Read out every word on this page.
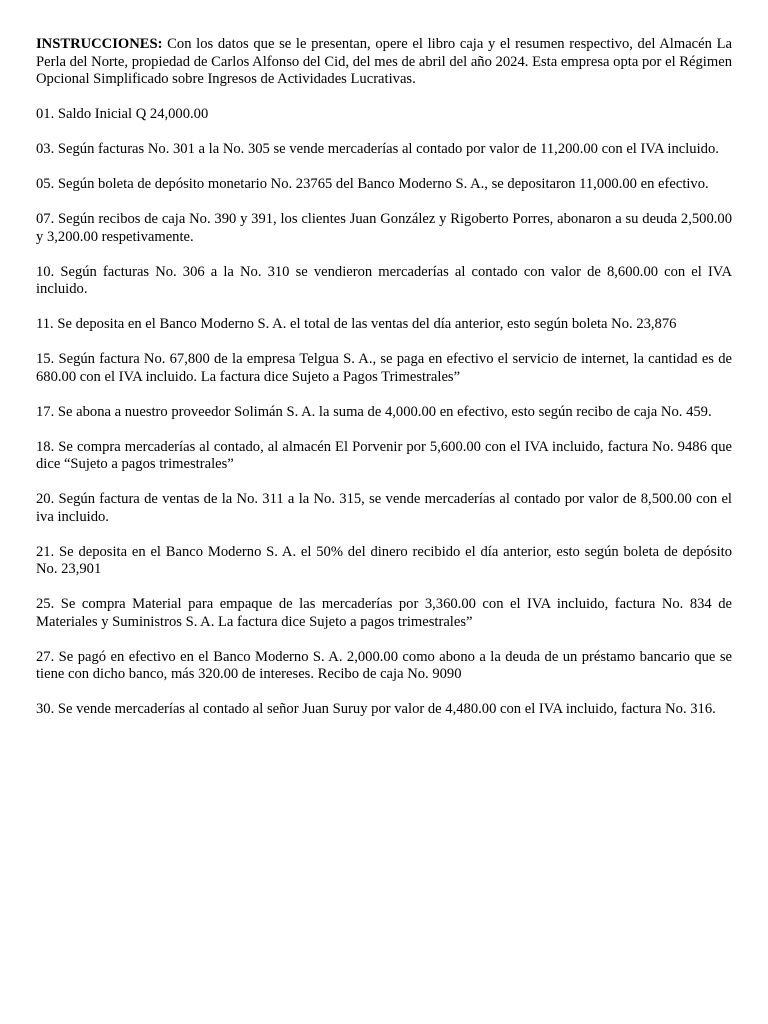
INSTRUCCIONES: Con los datos que se le presentan, opere el libro caja y el resumen respectivo, del Almacén La Perla del Norte, propiedad de Carlos Alfonso del Cid, del mes de abril del año 2024. Esta empresa opta por el Régimen Opcional Simplificado sobre Ingresos de Actividades Lucrativas.

01. Saldo Inicial Q 24,000.00

03. Según facturas No. 301 a la No. 305 se vende mercaderías al contado por valor de 11,200.00 con el IVA incluido.

05. Según boleta de depósito monetario No. 23765 del Banco Moderno S. A., se depositaron 11,000.00 en efectivo.

07. Según recibos de caja No. 390 y 391, los clientes Juan González y Rigoberto Porres, abonaron a su deuda 2,500.00 y 3,200.00 respetivamente.

10. Según facturas No. 306 a la No. 310 se vendieron mercaderías al contado con valor de 8,600.00 con el IVA incluido.

11. Se deposita en el Banco Moderno S. A. el total de las ventas del día anterior, esto según boleta No. 23,876

15. Según factura No. 67,800 de la empresa Telgua S. A., se paga en efectivo el servicio de internet, la cantidad es de 680.00 con el IVA incluido. La factura dice Sujeto a Pagos Trimestrales”

17. Se abona a nuestro proveedor Solimán S. A. la suma de 4,000.00 en efectivo, esto según recibo de caja No. 459.

18. Se compra mercaderías al contado, al almacén El Porvenir por 5,600.00 con el IVA incluido, factura No. 9486 que dice “Sujeto a pagos trimestrales”

20. Según factura de ventas de la No. 311 a la No. 315, se vende mercaderías al contado por valor de 8,500.00 con el iva incluido.

21. Se deposita en el Banco Moderno S. A. el 50% del dinero recibido el día anterior, esto según boleta de depósito No. 23,901

25. Se compra Material para empaque de las mercaderías por 3,360.00 con el IVA incluido, factura No. 834 de Materiales y Suministros S. A. La factura dice Sujeto a pagos trimestrales”

27. Se pagó en efectivo en el Banco Moderno S. A. 2,000.00 como abono a la deuda de un préstamo bancario que se tiene con dicho banco, más 320.00 de intereses. Recibo de caja No. 9090

30. Se vende mercaderías al contado al señor Juan Suruy por valor de 4,480.00 con el IVA incluido, factura No. 316.
